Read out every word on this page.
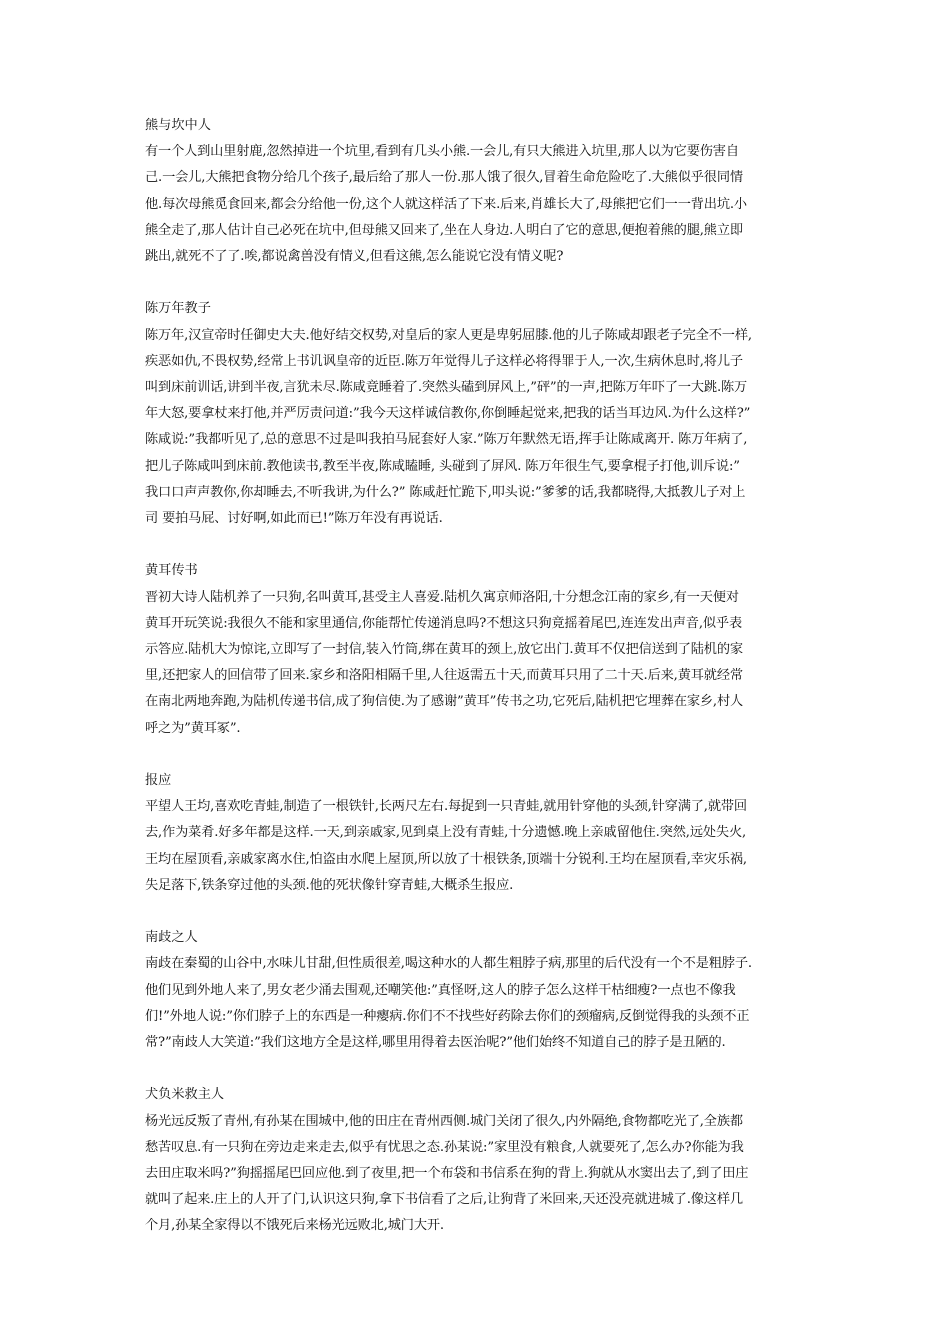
熊与坎中人
有一个人到山里射鹿,忽然掉进一个坑里,看到有几头小熊.一会儿,有只大熊进入坑里,那人以为它要伤害自
己.一会儿,大熊把食物分给几个孩子,最后给了那人一份.那人饿了很久,冒着生命危险吃了.大熊似乎很同情
他.每次母熊觅食回来,都会分给他一份,这个人就这样活了下来.后来,肖雄长大了,母熊把它们一一背出坑.小
熊全走了,那人估计自己必死在坑中,但母熊又回来了,坐在人身边.人明白了它的意思,便抱着熊的腿,熊立即
跳出,就死不了了.唉,都说禽兽没有情义,但看这熊,怎么能说它没有情义呢?
陈万年教子
陈万年,汉宣帝时任御史大夫.他好结交权势,对皇后的家人更是卑躬屈膝.他的儿子陈咸却跟老子完全不一样,
疾恶如仇,不畏权势,经常上书讥讽皇帝的近臣.陈万年觉得儿子这样必将得罪于人,一次,生病休息时,将儿子
叫到床前训话,讲到半夜,言犹未尽.陈咸竟睡着了.突然头磕到屏风上,”砰”的一声,把陈万年吓了一大跳.陈万
年大怒,要拿杖来打他,并严厉责问道:”我今天这样诚信教你,你倒睡起觉来,把我的话当耳边风.为什么这样?”
陈咸说:”我都听见了,总的意思不过是叫我拍马屁套好人家.”陈万年默然无语,挥手让陈咸离开. 陈万年病了,
把儿子陈咸叫到床前.教他读书,教至半夜,陈咸瞌睡, 头碰到了屏风. 陈万年很生气,要拿棍子打他,训斥说:”
我口口声声教你,你却睡去,不听我讲,为什么?” 陈咸赶忙跪下,叩头说:”爹爹的话,我都晓得,大抵教儿子对上
司 要拍马屁、讨好啊,如此而已!”陈万年没有再说话.
黄耳传书
晋初大诗人陆机养了一只狗,名叫黄耳,甚受主人喜爱.陆机久寓京师洛阳,十分想念江南的家乡,有一天便对
黄耳开玩笑说:我很久不能和家里通信,你能帮忙传递消息吗?不想这只狗竟摇着尾巴,连连发出声音,似乎表
示答应.陆机大为惊诧,立即写了一封信,装入竹筒,绑在黄耳的颈上,放它出门.黄耳不仅把信送到了陆机的家
里,还把家人的回信带了回来.家乡和洛阳相隔千里,人往返需五十天,而黄耳只用了二十天.后来,黄耳就经常
在南北两地奔跑,为陆机传递书信,成了狗信使.为了感谢”黄耳”传书之功,它死后,陆机把它埋葬在家乡,村人
呼之为”黄耳冢”.
报应
平望人王均,喜欢吃青蛙,制造了一根铁针,长两尺左右.每捉到一只青蛙,就用针穿他的头颈,针穿满了,就带回
去,作为菜肴.好多年都是这样.一天,到亲戚家,见到桌上没有青蛙,十分遗憾.晚上亲戚留他住.突然,远处失火,
王均在屋顶看,亲戚家离水住,怕盗由水爬上屋顶,所以放了十根铁条,顶端十分锐利.王均在屋顶看,幸灾乐祸,
失足落下,铁条穿过他的头颈.他的死状像针穿青蛙,大概杀生报应.
南歧之人
南歧在秦蜀的山谷中,水味儿甘甜,但性质很差,喝这种水的人都生粗脖子病,那里的后代没有一个不是粗脖子.
他们见到外地人来了,男女老少涌去围观,还嘲笑他:”真怪呀,这人的脖子怎么这样干枯细瘦?一点也不像我
们!”外地人说:”你们脖子上的东西是一种瘿病.你们不不找些好药除去你们的颈瘤病,反倒觉得我的头颈不正
常?”南歧人大笑道:”我们这地方全是这样,哪里用得着去医治呢?”他们始终不知道自己的脖子是丑陋的.
犬负米救主人
杨光远反叛了青州,有孙某在围城中,他的田庄在青州西侧.城门关闭了很久,内外隔绝,食物都吃光了,全族都
愁苦叹息.有一只狗在旁边走来走去,似乎有忧思之态.孙某说:”家里没有粮食,人就要死了,怎么办?你能为我
去田庄取米吗?”狗摇摇尾巴回应他.到了夜里,把一个布袋和书信系在狗的背上.狗就从水窦出去了,到了田庄
就叫了起来.庄上的人开了门,认识这只狗,拿下书信看了之后,让狗背了米回来,天还没亮就进城了.像这样几
个月,孙某全家得以不饿死后来杨光远败北,城门大开.
